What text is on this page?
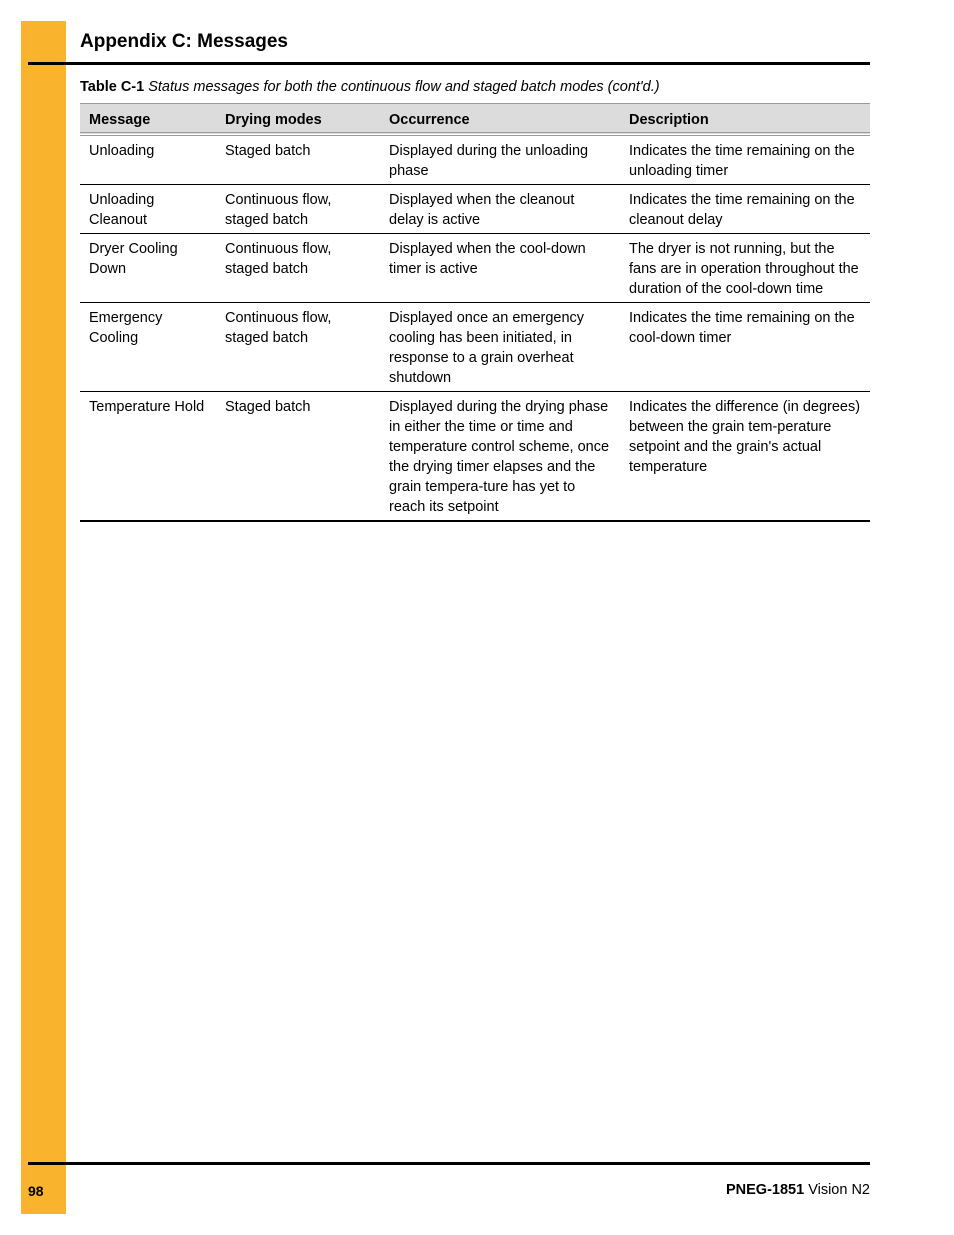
Appendix C: Messages
Table C-1 Status messages for both the continuous flow and staged batch modes (cont'd.)
Message	Drying modes	Occurrence	Description
Unloading	Staged batch	Displayed during the unloading phase	Indicates the time remaining on the unloading timer
Unloading Cleanout	Continuous flow, staged batch	Displayed when the cleanout delay is active	Indicates the time remaining on the cleanout delay
Dryer Cooling Down	Continuous flow, staged batch	Displayed when the cool-down timer is active	The dryer is not running, but the fans are in operation throughout the duration of the cool-down time
Emergency Cooling	Continuous flow, staged batch	Displayed once an emergency cooling has been initiated, in response to a grain overheat shutdown	Indicates the time remaining on the cool-down timer
Temperature Hold	Staged batch	Displayed during the drying phase in either the time or time and temperature control scheme, once the drying timer elapses and the grain tempera-ture has yet to reach its setpoint	Indicates the difference (in degrees) between the grain tem-perature setpoint and the grain's actual temperature
98	PNEG-1851 Vision N2
